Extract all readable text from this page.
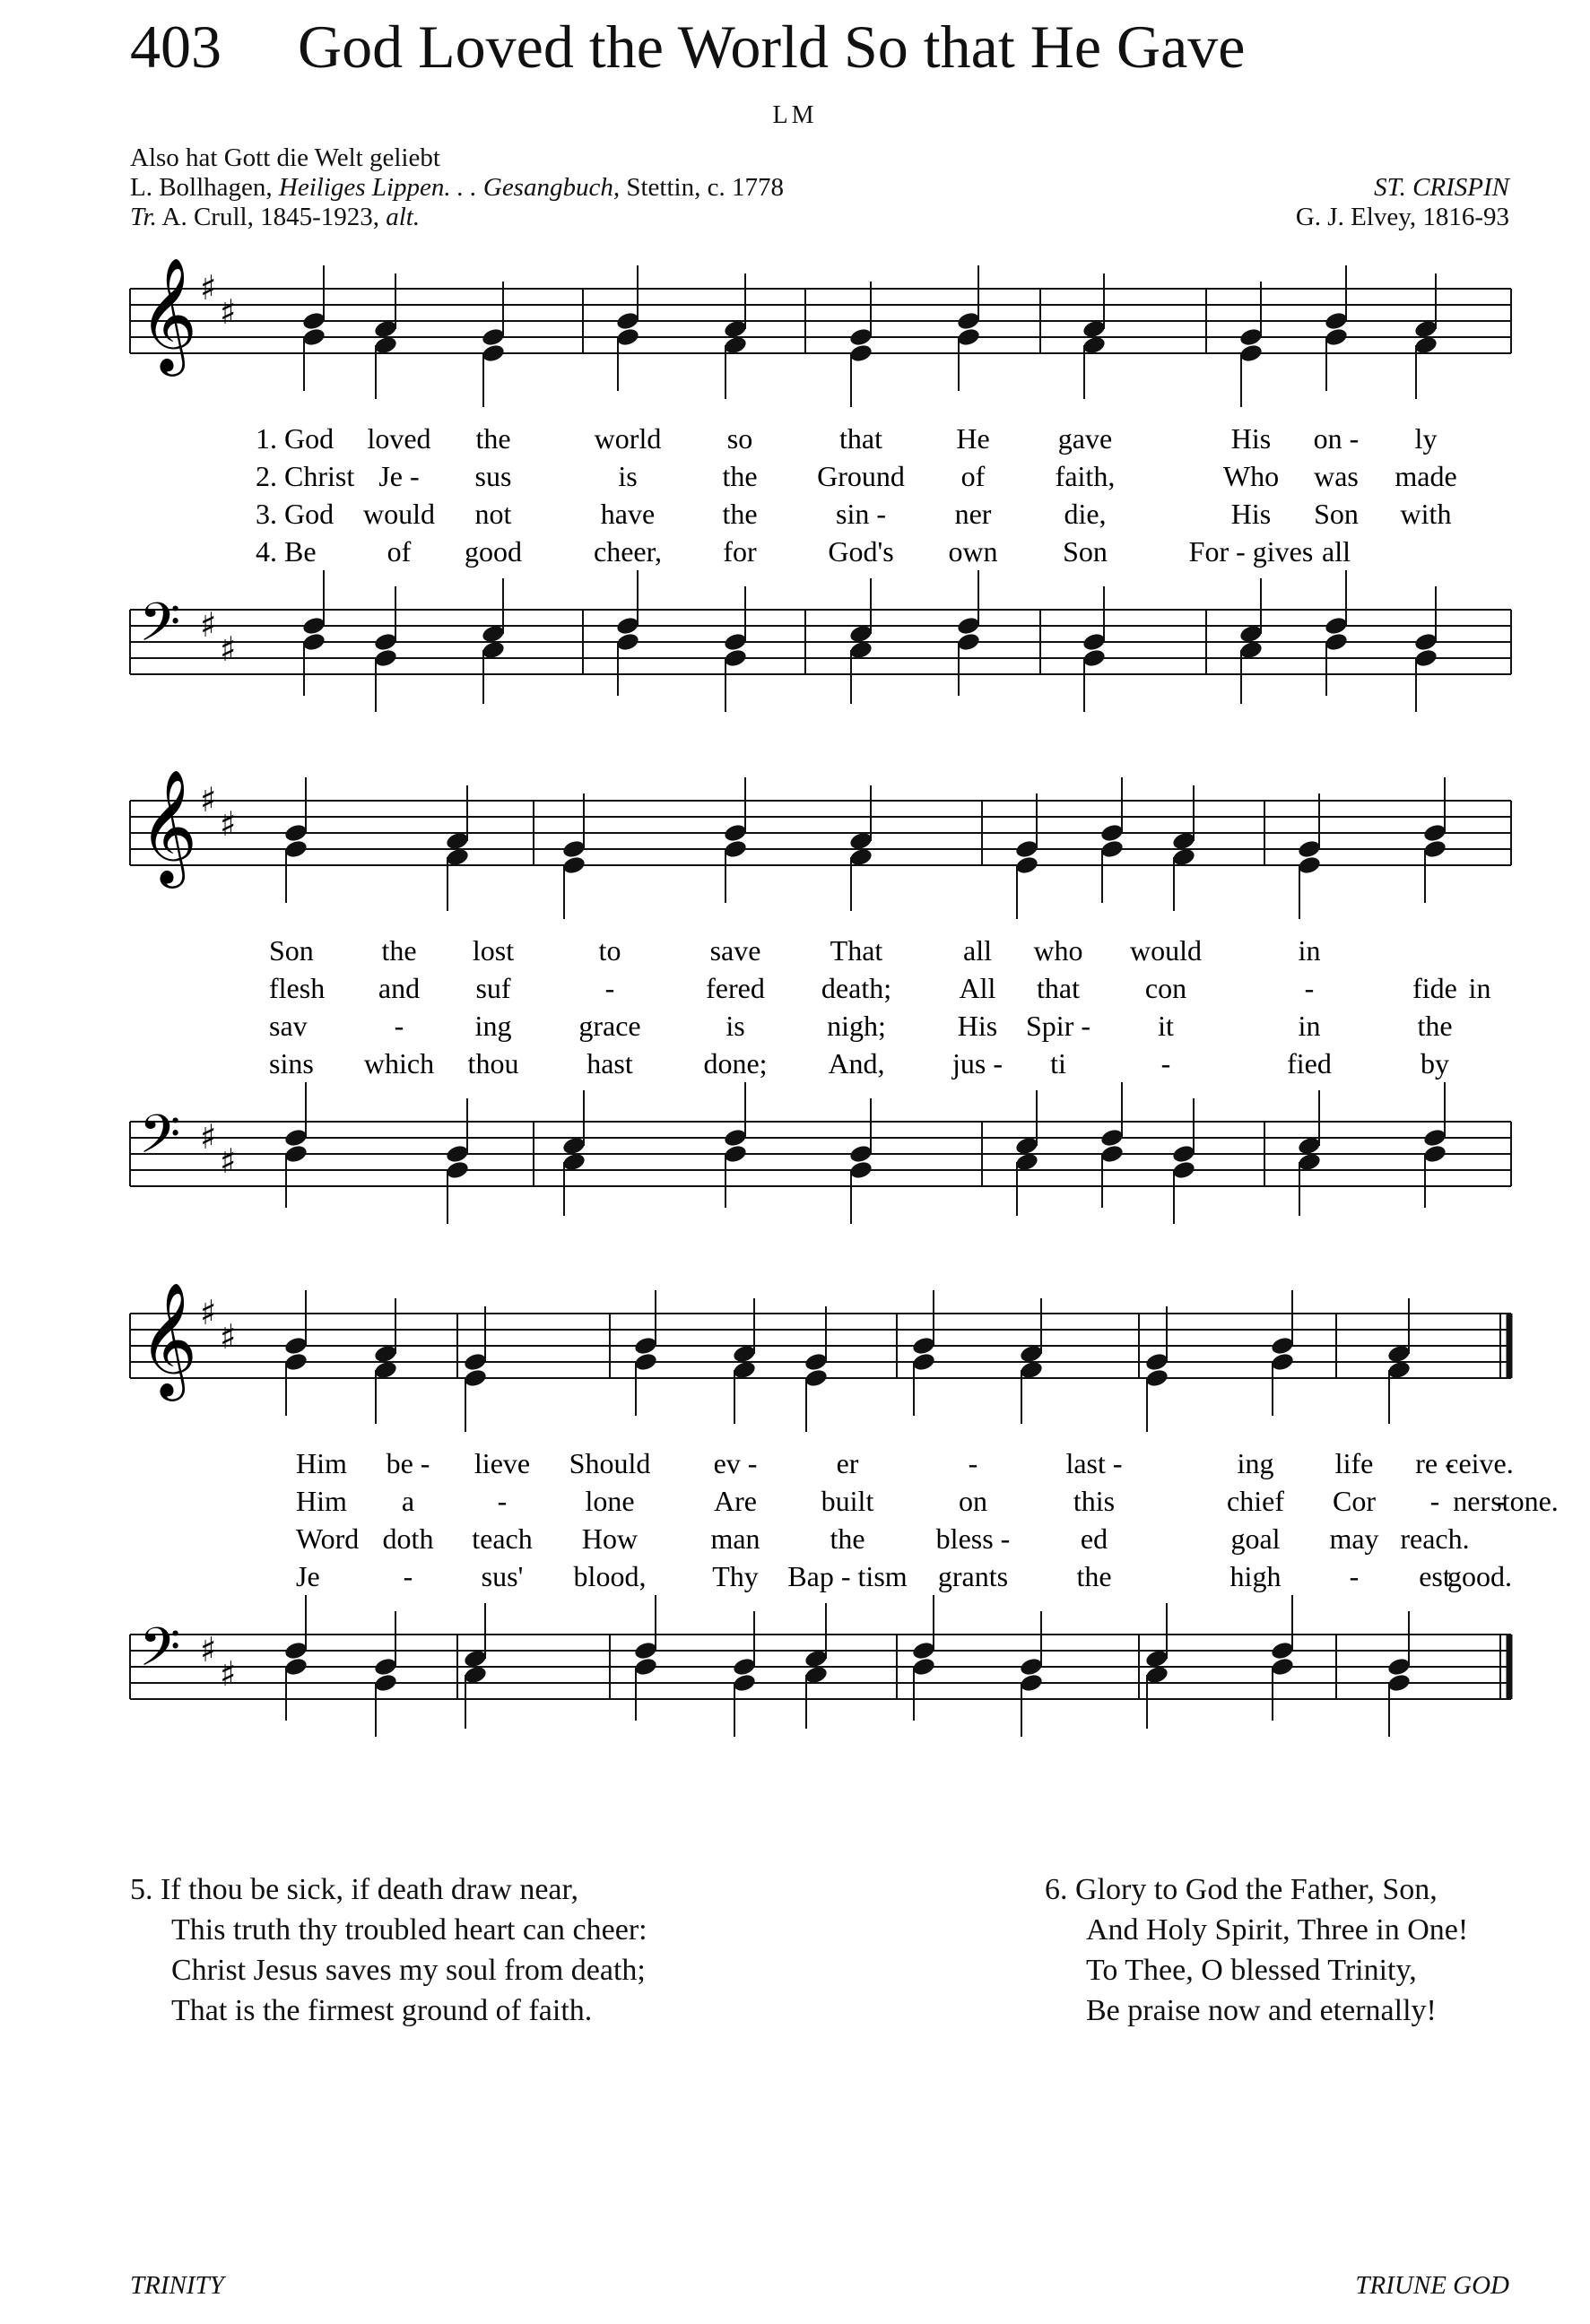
403 God Loved the World So that He Gave
LM
Also hat Gott die Welt geliebt
L. Bollhagen, Heiliges Lippen. . . Gesangbuch, Stettin, c. 1778
Tr. A. Crull, 1845-1923, alt.
ST. CRISPIN
G. J. Elvey, 1816-93
𝄞 ♯
♯
𝄢 ♯
♯
1. God loved the	world so	that	He gave	His on - ly
2. Christ Je - sus	is	the Ground of faith,	Who was made
3. God would not	have the	sin - ner	die,	His Son with
4. Be of good	cheer, for God's own Son	For - gives all
𝄞 ♯
♯
𝄢 ♯
♯
Son the lost	to	save That	all who would	in
flesh and suf	-	fered death; All that con	-	fide in
sav	- ing grace	is	nigh; His Spir - it	in	the
sins which thou hast done; And, jus - ti	-	fied	by
𝄞 ♯
♯
𝄢 ♯
♯
Him be - lieve Should ev -	er	-	last -	ing life re -
ceive.
Him a	-	lone	Are built	on	this	chief Cor - ner -
stone.
Word doth teach How	man the bless - ed	goal may reach.
Je	- sus' blood, Thy Bap - tism grants the	high - est
good.
5. If thou be sick, if death draw near,
This truth thy troubled heart can cheer:
Christ Jesus saves my soul from death;
That is the firmest ground of faith.
6. Glory to God the Father, Son,
And Holy Spirit, Three in One!
To Thee, O blessed Trinity,
Be praise now and eternally!
TRINITY	TRIUNE GOD
